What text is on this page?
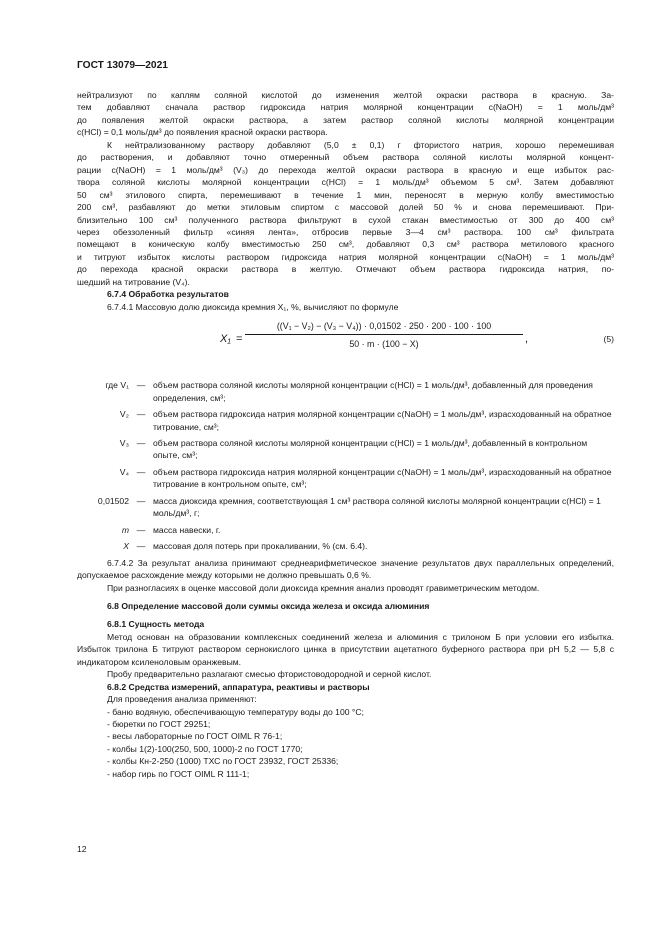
ГОСТ 13079—2021
нейтрализуют по каплям соляной кислотой до изменения желтой окраски раствора в красную. За-
тем добавляют сначала раствор гидроксида натрия молярной концентрации c(NaOH) = 1 моль/дм³
до появления желтой окраски раствора, а затем раствор соляной кислоты молярной концентрации
c(HCl) = 0,1 моль/дм³ до появления красной окраски раствора.
К нейтрализованному раствору добавляют (5,0 ± 0,1) г фтористого натрия, хорошо перемешивая
до растворения, и добавляют точно отмеренный объем раствора соляной кислоты молярной концент-
рации c(NaOH) = 1 моль/дм³ (V₃) до перехода желтой окраски раствора в красную и еще избыток рас-
твора соляной кислоты молярной концентрации c(HCl) = 1 моль/дм³ объемом 5 см³. Затем добавляют
50 см³ этилового спирта, перемешивают в течение 1 мин, переносят в мерную колбу вместимостью
200 см³, разбавляют до метки этиловым спиртом с массовой долей 50 % и снова перемешивают. При-
близительно 100 см³ полученного раствора фильтруют в сухой стакан вместимостью от 300 до 400 см³
через обеззоленный фильтр «синяя лента», отбросив первые 3—4 см³ раствора. 100 см³ фильтрата
помещают в коническую колбу вместимостью 250 см³, добавляют 0,3 см³ раствора метилового красного
и титруют избыток кислоты раствором гидроксида натрия молярной концентрации c(NaOH) = 1 моль/дм³
до перехода красной окраски раствора в желтую. Отмечают объем раствора гидроксида натрия, по-
шедший на титрование (V₄).

6.7.4 Обработка результатов

6.7.4.1 Массовую долю диоксида кремния X₁, %, вычисляют по формуле

X₁ =
((V₁ − V₂) − (V₃ − V₄)) · 0,01502 · 250 · 200 · 100 · 100
50 · m · (100 − X)	,	(5)
где V₁ — объем раствора соляной кислоты молярной концентрации c(HCl) = 1 моль/дм³, добавленный для проведения определения, см³;
V₂ — объем раствора гидроксида натрия молярной концентрации c(NaOH) = 1 моль/дм³, израсходованный на обратное титрование, см³;
V₃ — объем раствора соляной кислоты молярной концентрации c(HCl) = 1 моль/дм³, добавленный в контрольном опыте, см³;
V₄ — объем раствора гидроксида натрия молярной концентрации c(NaOH) = 1 моль/дм³, израсходованный на обратное титрование в контрольном опыте, см³;
0,01502 — масса диоксида кремния, соответствующая 1 см³ раствора соляной кислоты молярной концентрации c(HCl) = 1 моль/дм³, г;
m — масса навески, г.
X — массовая доля потерь при прокаливании, % (см. 6.4).

6.7.4.2 За результат анализа принимают среднеарифметическое значение результатов двух параллельных определений, допускаемое расхождение между которыми не должно превышать 0,6 %.

При разногласиях в оценке массовой доли диоксида кремния анализ проводят гравиметрическим методом.

6.8 Определение массовой доли суммы оксида железа и оксида алюминия

6.8.1 Сущность метода

Метод основан на образовании комплексных соединений железа и алюминия с трилоном Б при условии его избытка. Избыток трилона Б титруют раствором сернокислого цинка в присутствии ацетатного буферного раствора при рН 5,2 — 5,8 с индикатором ксиленоловым оранжевым.

Пробу предварительно разлагают смесью фтористоводородной и серной кислот.

6.8.2 Средства измерений, аппаратура, реактивы и растворы

Для проведения анализа применяют:

- баню водяную, обеспечивающую температуру воды до 100 °С;

- бюретки по ГОСТ 29251;

- весы лабораторные по ГОСТ OIML R 76-1;

- колбы 1(2)-100(250, 500, 1000)-2 по ГОСТ 1770;

- колбы Кн-2-250 (1000) ТХС по ГОСТ 23932, ГОСТ 25336;

- набор гирь по ГОСТ OIML R 111-1;

12
